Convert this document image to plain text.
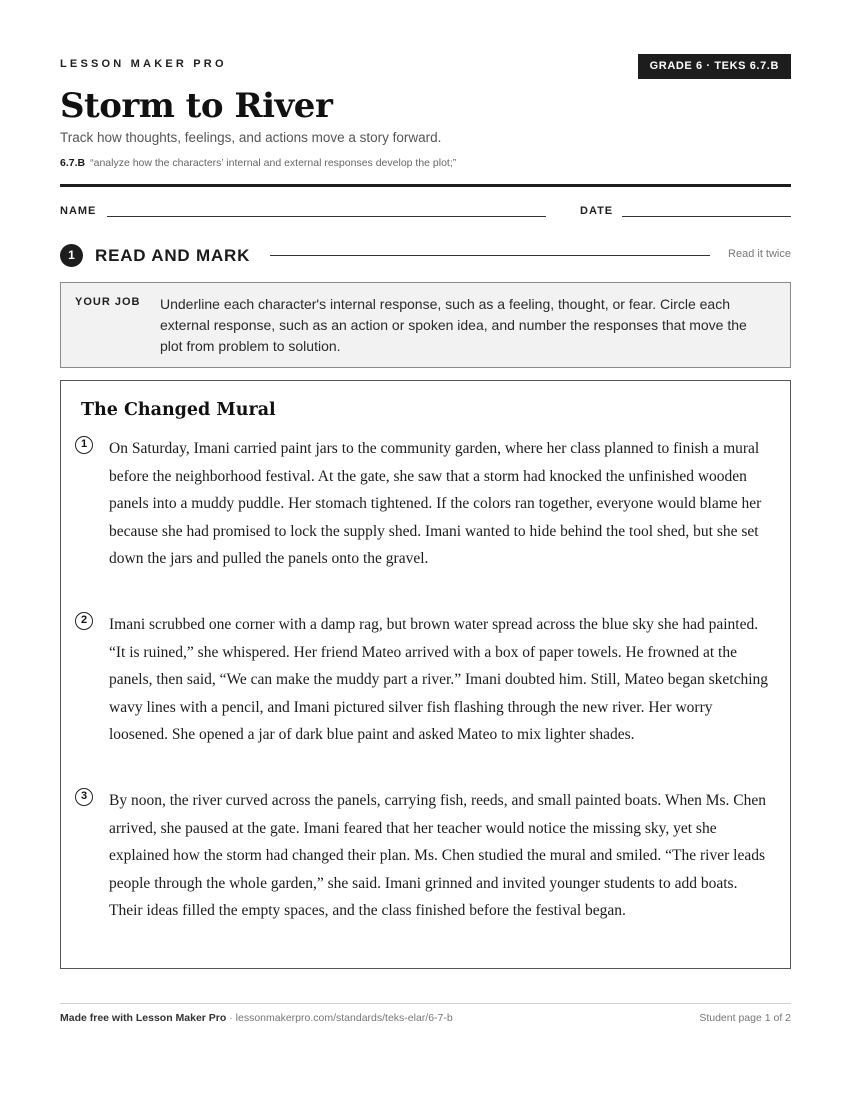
LESSON MAKER PRO	GRADE 6 · TEKS 6.7.B
Storm to River
Track how thoughts, feelings, and actions move a story forward.
6.7.B “analyze how the characters’ internal and external responses develop the plot;”
NAME	DATE
1	READ AND MARK	Read it twice
YOUR JOB Underline each character's internal response, such as a feeling, thought, or fear. Circle each external response, such as an action or spoken idea, and number the responses that move the plot from problem to solution.
The Changed Mural
1	On Saturday, Imani carried paint jars to the community garden, where her class planned to finish a mural before the neighborhood festival. At the gate, she saw that a storm had knocked the unfinished wooden panels into a muddy puddle. Her stomach tightened. If the colors ran together, everyone would blame her because she had promised to lock the supply shed. Imani wanted to hide behind the tool shed, but she set down the jars and pulled the panels onto the gravel.

2	Imani scrubbed one corner with a damp rag, but brown water spread across the blue sky she had painted. “It is ruined,” she whispered. Her friend Mateo arrived with a box of paper towels. He frowned at the panels, then said, “We can make the muddy part a river.” Imani doubted him. Still, Mateo began sketching wavy lines with a pencil, and Imani pictured silver fish flashing through the new river. Her worry loosened. She opened a jar of dark blue paint and asked Mateo to mix lighter shades.

3	By noon, the river curved across the panels, carrying fish, reeds, and small painted boats. When Ms. Chen arrived, she paused at the gate. Imani feared that her teacher would notice the missing sky, yet she explained how the storm had changed their plan. Ms. Chen studied the mural and smiled. “The river leads people through the whole garden,” she said. Imani grinned and invited younger students to add boats. Their ideas filled the empty spaces, and the class finished before the festival began.

Made free with Lesson Maker Pro · lessonmakerpro.com/standards/teks-elar/6-7-b	Student page 1 of 2
